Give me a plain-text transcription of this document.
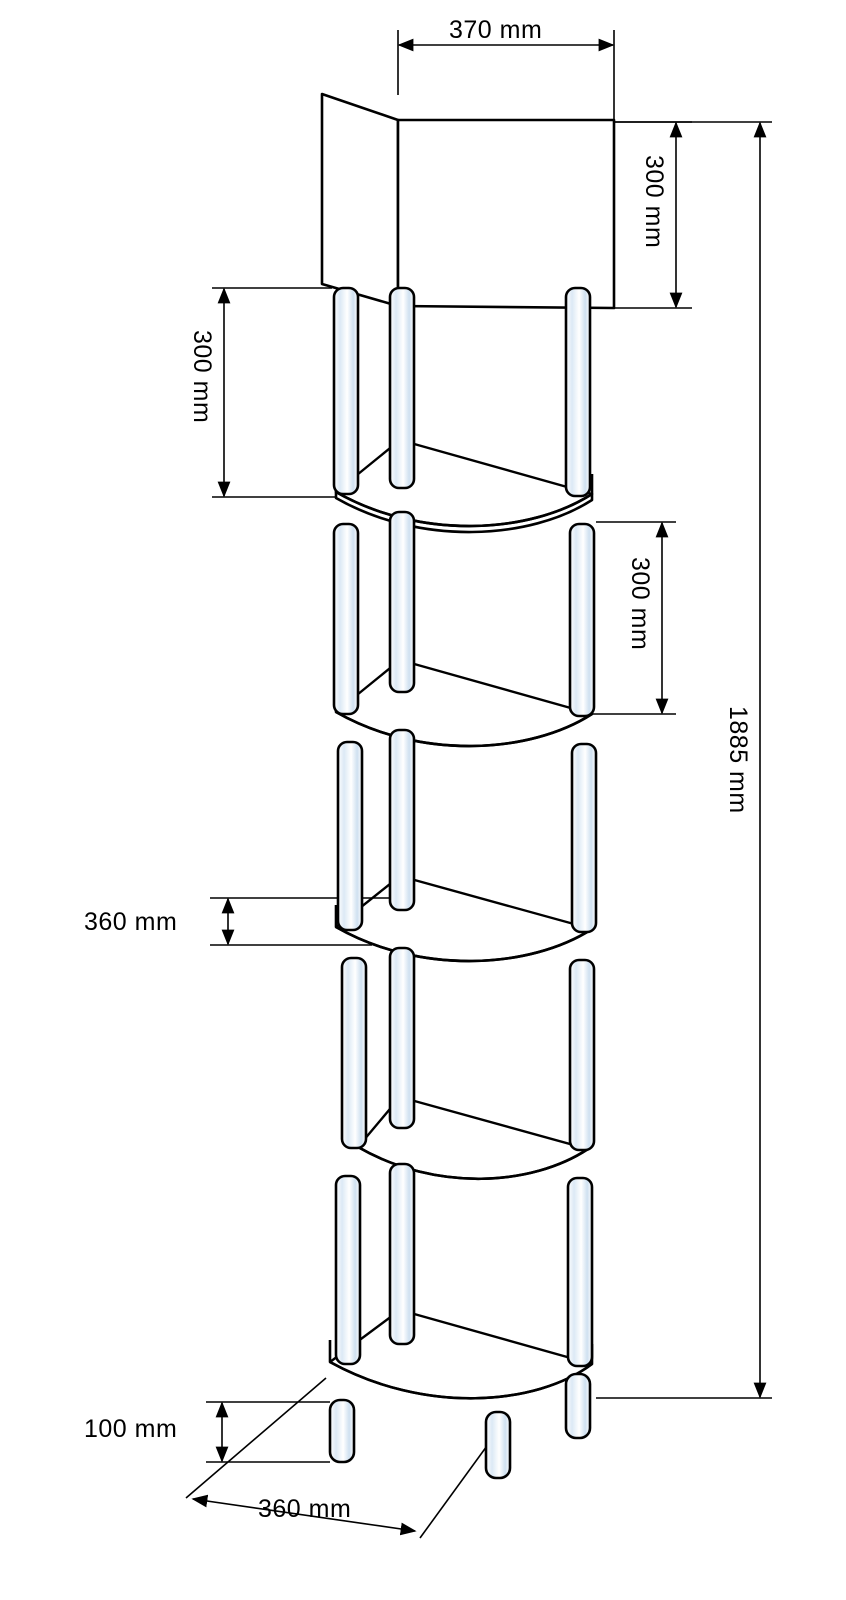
370 mm
300 mm
300 mm
300 mm
360 mm
1885 mm
100 mm
360 mm
